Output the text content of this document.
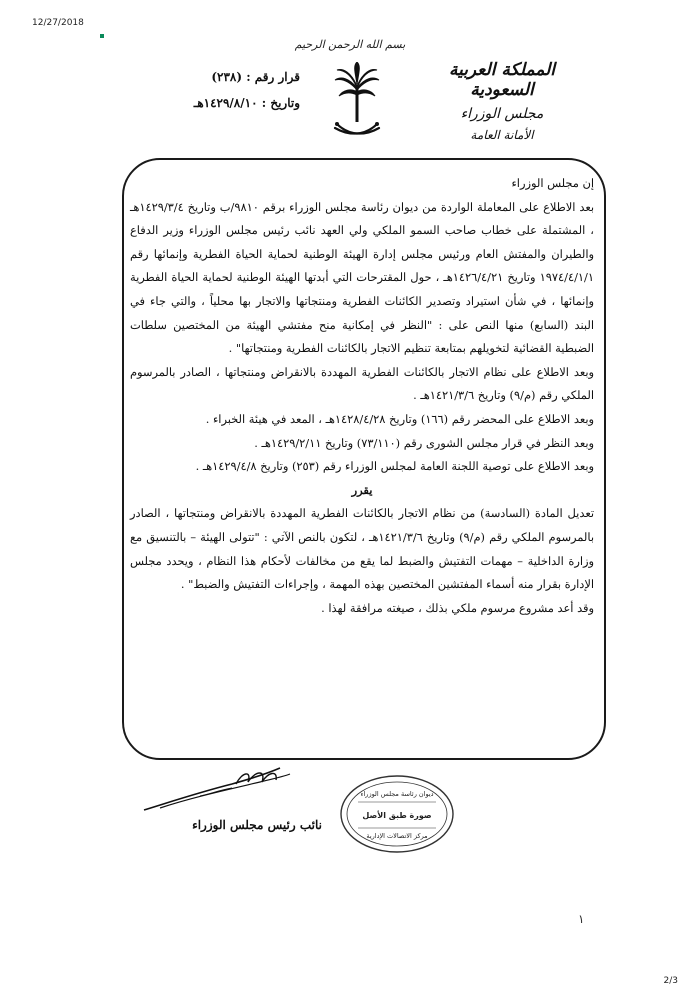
12/27/2018
بسم الله الرحمن الرحيم
المملكة العربية السعودية
مجلس الوزراء
الأمانة العامة
قرار رقم : (٢٣٨)
وتاريخ : ١٤٢٩/٨/١٠هـ

إن مجلس الوزراء

بعد الاطلاع على المعاملة الواردة من ديوان رئاسة مجلس الوزراء برقم ٩٨١٠/ب وتاريخ ١٤٢٩/٣/٤هـ ، المشتملة على خطاب صاحب السمو الملكي ولي العهد نائب رئيس مجلس الوزراء وزير الدفاع والطيران والمفتش العام ورئيس مجلس إدارة الهيئة الوطنية لحماية الحياة الفطرية وإنمائها رقم ١٩٧٤/٤/١/١ وتاريخ ١٤٢٦/٤/٢١هـ ، حول المقترحات التي أبدتها الهيئة الوطنية لحماية الحياة الفطرية وإنمائها ، في شأن استيراد وتصدير الكائنات الفطرية ومنتجاتها والاتجار بها محلياً ، والتي جاء في البند (السابع) منها النص على : "النظر في إمكانية منح مفتشي الهيئة من المختصين سلطات الضبطية القضائية لتخويلهم بمتابعة تنظيم الاتجار بالكائنات الفطرية ومنتجاتها" .

وبعد الاطلاع على نظام الاتجار بالكائنات الفطرية المهددة بالانقراض ومنتجاتها ، الصادر بالمرسوم الملكي رقم (م/٩) وتاريخ ١٤٢١/٣/٦هـ .

وبعد الاطلاع على المحضر رقم (١٦٦) وتاريخ ١٤٢٨/٤/٢٨هـ ، المعد في هيئة الخبراء .

وبعد النظر في قرار مجلس الشورى رقم (٧٣/١١٠) وتاريخ ١٤٢٩/٢/١١هـ .

وبعد الاطلاع على توصية اللجنة العامة لمجلس الوزراء رقم (٢٥٣) وتاريخ ١٤٢٩/٤/٨هـ .

يقرر

تعديل المادة (السادسة) من نظام الاتجار بالكائنات الفطرية المهددة بالانقراض ومنتجاتها ، الصادر بالمرسوم الملكي رقم (م/٩) وتاريخ ١٤٢١/٣/٦هـ ، لتكون بالنص الآتي : "تتولى الهيئة – بالتنسيق مع وزارة الداخلية – مهمات التفتيش والضبط لما يقع من مخالفات لأحكام هذا النظام ، ويحدد مجلس الإدارة بقرار منه أسماء المفتشين المختصين بهذه المهمة ، وإجراءات التفتيش والضبط" .

وقد أعد مشروع مرسوم ملكي بذلك ، صيغته مرافقة لهذا .

نائب رئيس مجلس الوزراء
ديوان رئاسة مجلس الوزراء
صورة طبق الأصل
مركز الاتصالات الإدارية
١
2/3
